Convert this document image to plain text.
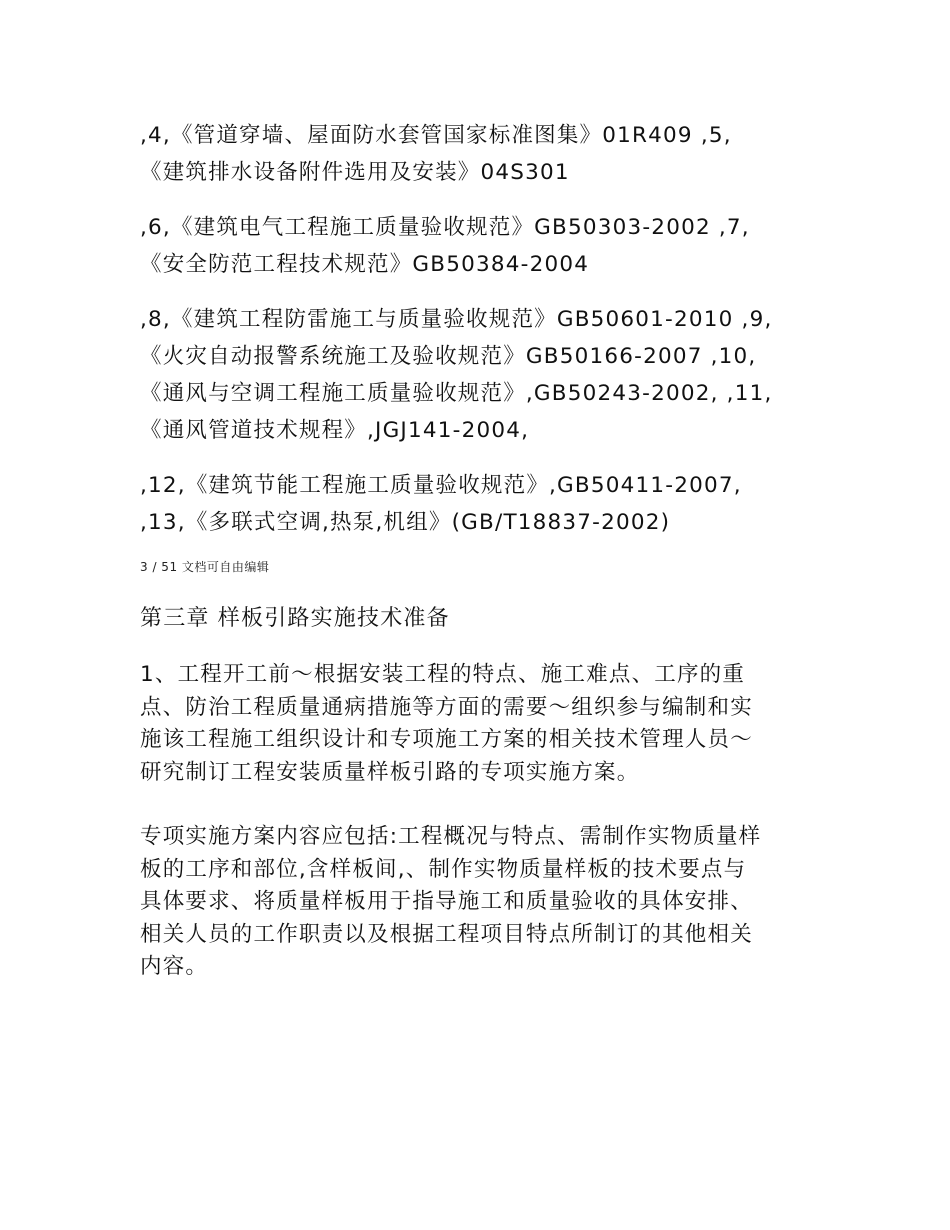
,4,《管道穿墙、屋面防水套管国家标准图集》01R409 ,5,
《建筑排水设备附件选用及安装》04S301
,6,《建筑电气工程施工质量验收规范》GB50303-2002 ,7,
《安全防范工程技术规范》GB50384-2004
,8,《建筑工程防雷施工与质量验收规范》GB50601-2010 ,9,
《火灾自动报警系统施工及验收规范》GB50166-2007 ,10,
《通风与空调工程施工质量验收规范》,GB50243-2002, ,11,
《通风管道技术规程》,JGJ141-2004,
,12,《建筑节能工程施工质量验收规范》,GB50411-2007,
,13,《多联式空调,热泵,机组》(GB/T18837-2002)
3 / 51 文档可自由编辑
第三章 样板引路实施技术准备
1、工程开工前～根据安装工程的特点、施工难点、工序的重
点、防治工程质量通病措施等方面的需要～组织参与编制和实
施该工程施工组织设计和专项施工方案的相关技术管理人员～
研究制订工程安装质量样板引路的专项实施方案。
专项实施方案内容应包括:工程概况与特点、需制作实物质量样
板的工序和部位,含样板间,、制作实物质量样板的技术要点与
具体要求、将质量样板用于指导施工和质量验收的具体安排、
相关人员的工作职责以及根据工程项目特点所制订的其他相关
内容。
